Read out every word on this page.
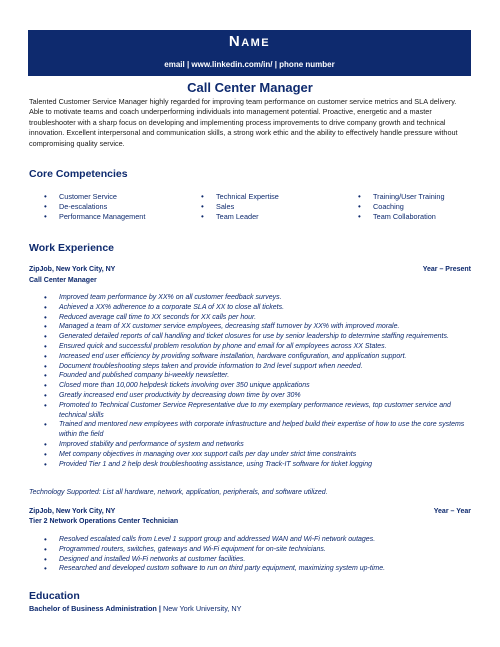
Name
email | www.linkedin.com/in/ | phone number
Call Center Manager
Talented Customer Service Manager highly regarded for improving team performance on customer service metrics and SLA delivery. Able to motivate teams and coach underperforming individuals into management potential. Proactive, energetic and a master troubleshooter with a sharp focus on developing and implementing process improvements to drive company growth and technical innovation. Excellent interpersonal and communication skills, a strong work ethic and the ability to effectively handle pressure without compromising quality service.
Core Competencies
• Customer Service
• De-escalations
• Performance Management
• Technical Expertise
• Sales
• Team Leader
• Training/User Training
• Coaching
• Team Collaboration
Work Experience
ZipJob, New York City, NY	Year – Present
Call Center Manager
• Improved team performance by XX% on all customer feedback surveys.
• Achieved a XX% adherence to a corporate SLA of XX to close all tickets.
• Reduced average call time to XX seconds for XX calls per hour.
• Managed a team of XX customer service employees, decreasing staff turnover by XX% with improved morale.
• Generated detailed reports of call handling and ticket closures for use by senior leadership to determine staffing requirements.
• Ensured quick and successful problem resolution by phone and email for all employees across XX States.
• Increased end user efficiency by providing software installation, hardware configuration, and application support.
• Document troubleshooting steps taken and provide information to 2nd level support when needed.
• Founded and published company bi-weekly newsletter.
• Closed more than 10,000 helpdesk tickets involving over 350 unique applications
• Greatly increased end user productivity by decreasing down time by over 30%
• Promoted to Technical Customer Service Representative due to my exemplary performance reviews, top customer service and technical skills
• Trained and mentored new employees with corporate infrastructure and helped build their expertise of how to use the core systems within the field
• Improved stability and performance of system and networks
• Met company objectives in managing over xxx support calls per day under strict time constraints
• Provided Tier 1 and 2 help desk troubleshooting assistance, using Track-IT software for ticket logging
Technology Supported: List all hardware, network, application, peripherals, and software utilized.
ZipJob, New York City, NY	Year – Year
Tier 2 Network Operations Center Technician
• Resolved escalated calls from Level 1 support group and addressed WAN and Wi-Fi network outages.
• Programmed routers, switches, gateways and Wi-Fi equipment for on-site technicians.
• Designed and installed Wi-Fi networks at customer facilities.
• Researched and developed custom software to run on third party equipment, maximizing system up-time.
Education
Bachelor of Business Administration | New York University, NY
